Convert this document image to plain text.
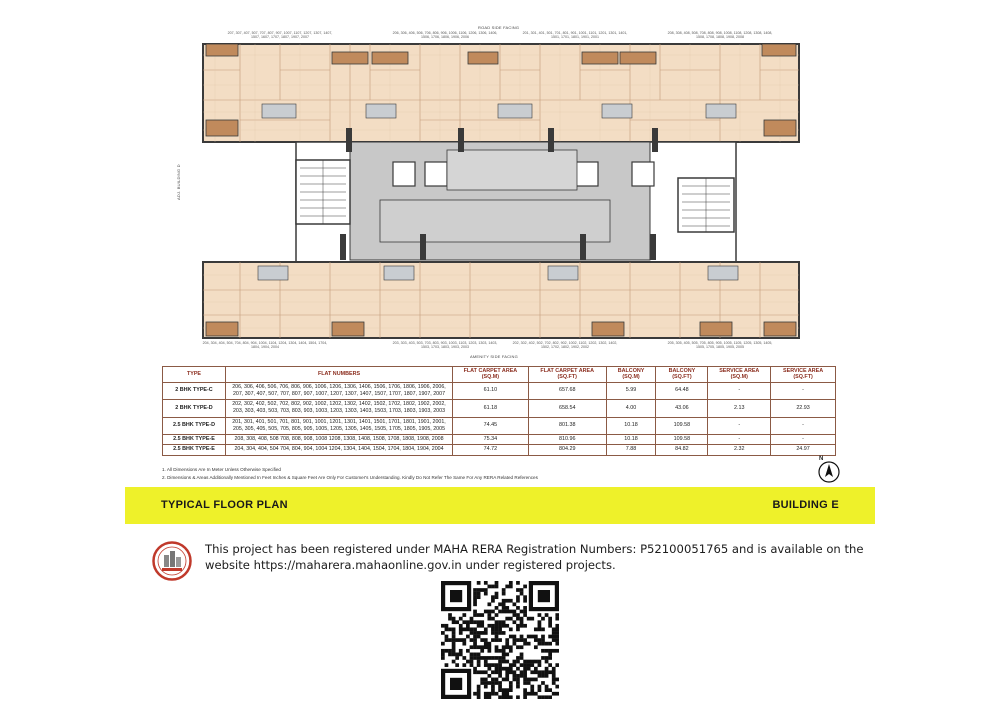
ROAD SIDE FACING
207, 307, 407, 507, 707, 807, 907, 1007, 1107, 1207, 1307, 1407, 1507, 1607, 1707, 1807, 1907, 2007
206, 306, 406, 506, 706, 806, 906, 1006, 1106, 1206, 1306, 1406, 1506, 1706, 1806, 1906, 2006
201, 301, 401, 501, 701, 801, 901, 1001, 1101, 1201, 1301, 1401, 1501, 1701, 1801, 1901, 2001
208, 308, 408, 508, 708, 808, 908, 1008, 1108, 1208, 1308, 1408, 1508, 1708, 1808, 1908, 2008
204, 304, 404, 504, 704, 804, 904, 1004, 1104, 1204, 1304, 1404, 1504, 1704, 1804, 1904, 2004
203, 303, 403, 503, 703, 803, 903, 1003, 1103, 1203, 1303, 1403, 1503, 1703, 1803, 1903, 2003
202, 302, 402, 502, 702, 802, 902, 1002, 1102, 1202, 1302, 1402, 1502, 1702, 1802, 1902, 2002
205, 305, 405, 505, 705, 805, 905, 1005, 1105, 1205, 1305, 1405, 1505, 1705, 1805, 1905, 2005
AMENITY SIDE FACING
ADJ. BUILDING D
TYPE	FLAT NUMBERS	FLAT CARPET AREA (SQ.M)	FLAT CARPET AREA (SQ.FT)	BALCONY (SQ.M)	BALCONY (SQ.FT)	SERVICE AREA (SQ.M)	SERVICE AREA (SQ.FT)
2 BHK TYPE-C	206, 306, 406, 506, 706, 806, 906, 1006, 1206, 1306, 1406, 1506, 1706, 1806, 1906, 2006, 207, 307, 407, 507, 707, 807, 907, 1007, 1207, 1307, 1407, 1507, 1707, 1807, 1907, 2007	61.10	657.68	5.99	64.48	-	-
2 BHK TYPE-D	202, 302, 402, 502, 702, 802, 902, 1002, 1202, 1302, 1402, 1502, 1702, 1802, 1902, 2002, 203, 303, 403, 503, 703, 803, 903, 1003, 1203, 1303, 1403, 1503, 1703, 1803, 1903, 2003	61.18	658.54	4.00	43.06	2.13	22.93
2.5 BHK TYPE-D	201, 301, 401, 501, 701, 801, 901, 1001, 1201, 1301, 1401, 1501, 1701, 1801, 1901, 2001, 205, 305, 405, 505, 705, 805, 905, 1005, 1205, 1305, 1405, 1505, 1705, 1805, 1905, 2005	74.45	801.38	10.18	109.58	-	-
2.5 BHK TYPE-E	208, 308, 408, 508 708, 808, 908, 1008 1208, 1308, 1408, 1508, 1708, 1808, 1908, 2008	75.34	810.96	10.18	109.58	-	-
2.5 BHK TYPE-E	204, 304, 404, 504 704, 804, 904, 1004 1204, 1304, 1404, 1504, 1704, 1804, 1904, 2004	74.72	804.29	7.88	84.82	2.32	24.97
1. All Dimensions Are In Meter Unless Otherwise Specified
2. Dimensions & Areas Additionally Mentioned In Feet Inches & Square Feet Are Only For Customer's Understanding. Kindly Do Not Refer The Same For Any RERA Related References
N
TYPICAL FLOOR PLAN	BUILDING E
This project has been registered under MAHA RERA Registration Numbers: P52100051765 and is available on the website https://maharera.mahaonline.gov.in under registered projects.
